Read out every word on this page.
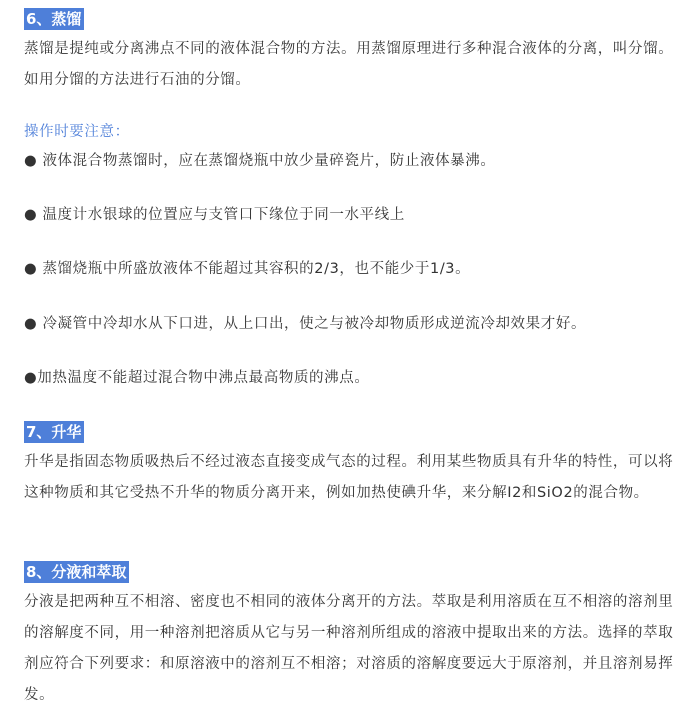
6、蒸馏

蒸馏是提纯或分离沸点不同的液体混合物的方法。用蒸馏原理进行多种混合液体的分离，叫分馏。如用分馏的方法进行石油的分馏。

操作时要注意：

● 液体混合物蒸馏时，应在蒸馏烧瓶中放少量碎瓷片，防止液体暴沸。

● 温度计水银球的位置应与支管口下缘位于同一水平线上

● 蒸馏烧瓶中所盛放液体不能超过其容积的2/3，也不能少于1/3。

● 冷凝管中冷却水从下口进，从上口出，使之与被冷却物质形成逆流冷却效果才好。

●加热温度不能超过混合物中沸点最高物质的沸点。

7、升华

升华是指固态物质吸热后不经过液态直接变成气态的过程。利用某些物质具有升华的特性，可以将这种物质和其它受热不升华的物质分离开来，例如加热使碘升华，来分解I2和SiO2的混合物。

8、分液和萃取

分液是把两种互不相溶、密度也不相同的液体分离开的方法。萃取是利用溶质在互不相溶的溶剂里的溶解度不同，用一种溶剂把溶质从它与另一种溶剂所组成的溶液中提取出来的方法。选择的萃取剂应符合下列要求：和原溶液中的溶剂互不相溶；对溶质的溶解度要远大于原溶剂，并且溶剂易挥发。
